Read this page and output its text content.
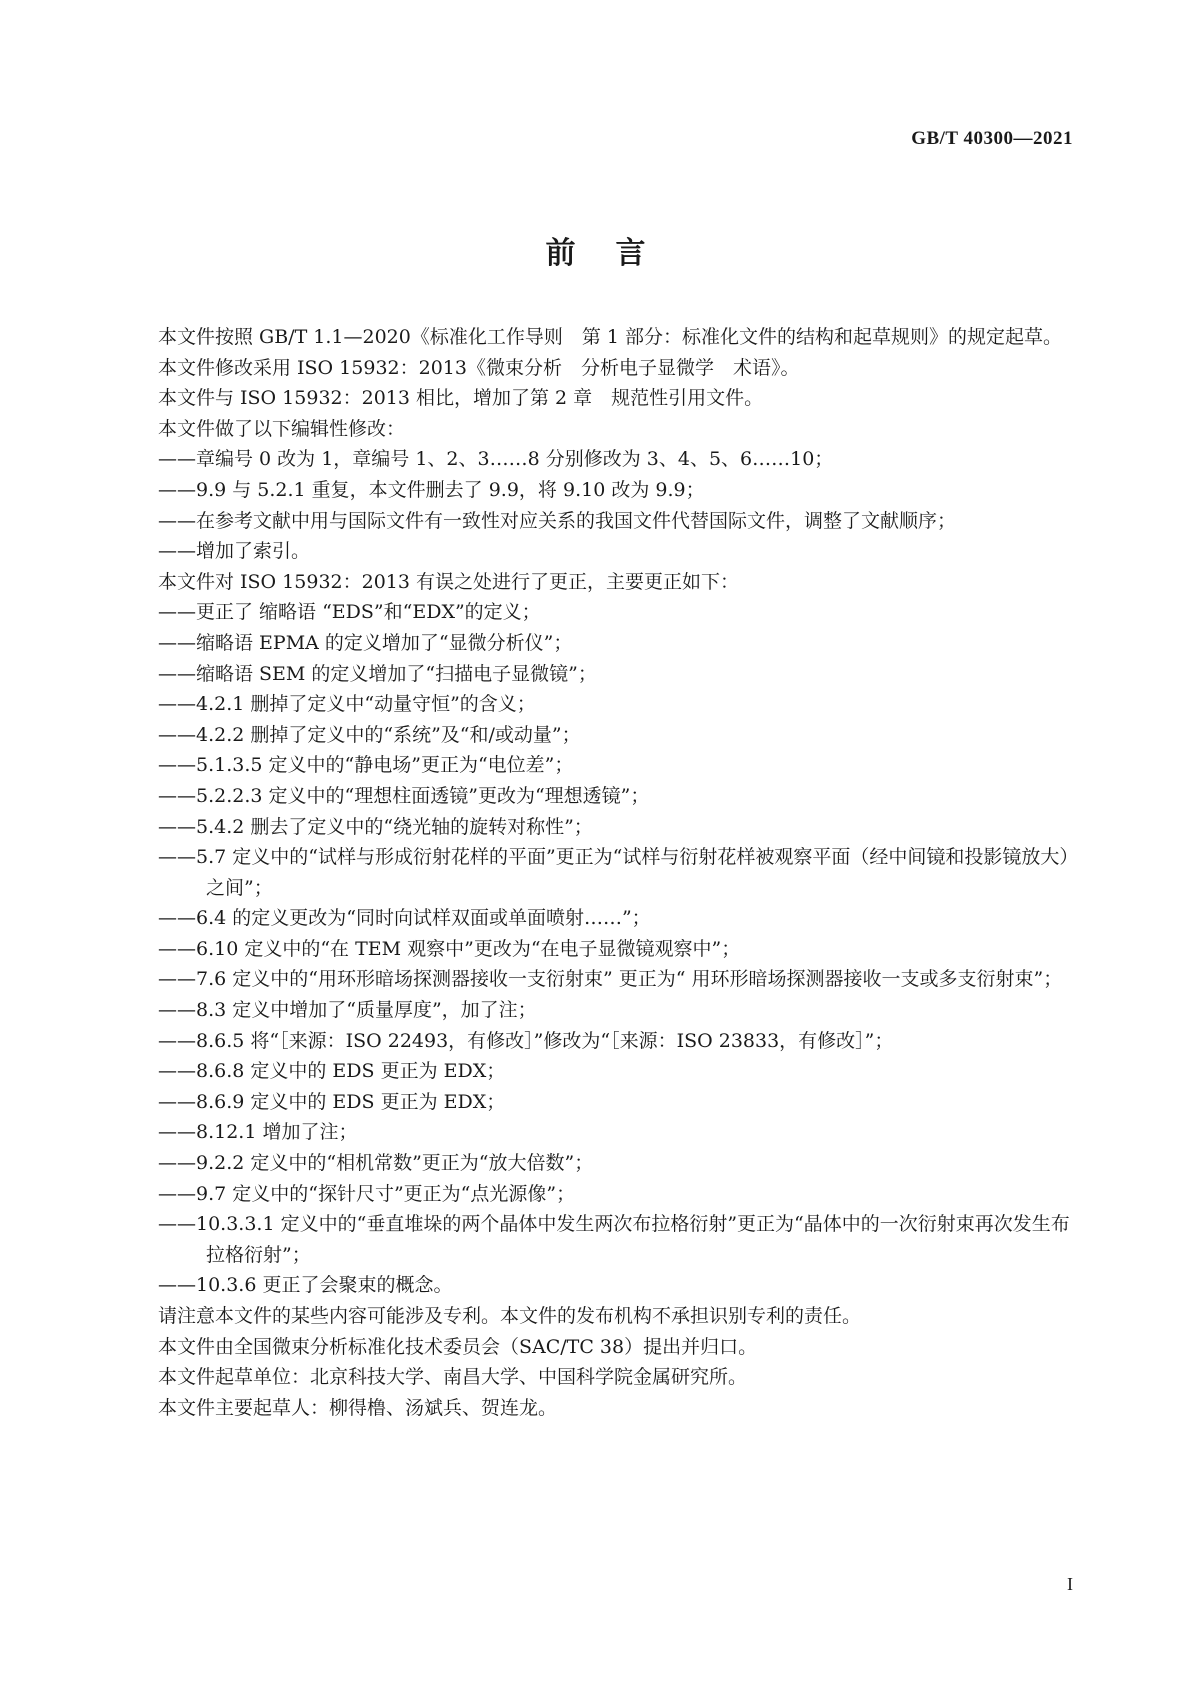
GB/T 40300—2021
前言

本文件按照 GB/T 1.1—2020《标准化工作导则　第 1 部分：标准化文件的结构和起草规则》的规定起草。

本文件修改采用 ISO 15932：2013《微束分析　分析电子显微学　术语》。

本文件与 ISO 15932：2013 相比，增加了第 2 章　规范性引用文件。

本文件做了以下编辑性修改：

——章编号 0 改为 1，章编号 1、2、3……8 分别修改为 3、4、5、6……10；

——9.9 与 5.2.1 重复，本文件删去了 9.9，将 9.10 改为 9.9；

——在参考文献中用与国际文件有一致性对应关系的我国文件代替国际文件，调整了文献顺序；

——增加了索引。

本文件对 ISO 15932：2013 有误之处进行了更正，主要更正如下：

——更正了 缩略语 “EDS”和“EDX”的定义；

——缩略语 EPMA 的定义增加了“显微分析仪”；

——缩略语 SEM 的定义增加了“扫描电子显微镜”；

——4.2.1 删掉了定义中“动量守恒”的含义；

——4.2.2 删掉了定义中的“系统”及“和/或动量”；

——5.1.3.5 定义中的“静电场”更正为“电位差”；

——5.2.2.3 定义中的“理想柱面透镜”更改为“理想透镜”；

——5.4.2 删去了定义中的“绕光轴的旋转对称性”；

——5.7 定义中的“试样与形成衍射花样的平面”更正为“试样与衍射花样被观察平面（经中间镜和投影镜放大）之间”；

——6.4 的定义更改为“同时向试样双面或单面喷射……”；

——6.10 定义中的“在 TEM 观察中”更改为“在电子显微镜观察中”；

——7.6 定义中的“用环形暗场探测器接收一支衍射束” 更正为“ 用环形暗场探测器接收一支或多支衍射束”；

——8.3 定义中增加了“质量厚度”，加了注；

——8.6.5 将“［来源：ISO 22493，有修改］”修改为“［来源：ISO 23833，有修改］”；

——8.6.8 定义中的 EDS 更正为 EDX；

——8.6.9 定义中的 EDS 更正为 EDX；

——8.12.1 增加了注；

——9.2.2 定义中的“相机常数”更正为“放大倍数”；

——9.7 定义中的“探针尺寸”更正为“点光源像”；

——10.3.3.1 定义中的“垂直堆垛的两个晶体中发生两次布拉格衍射”更正为“晶体中的一次衍射束再次发生布拉格衍射”；

——10.3.6 更正了会聚束的概念。

请注意本文件的某些内容可能涉及专利。本文件的发布机构不承担识别专利的责任。

本文件由全国微束分析标准化技术委员会（SAC/TC 38）提出并归口。

本文件起草单位：北京科技大学、南昌大学、中国科学院金属研究所。

本文件主要起草人：柳得橹、汤斌兵、贺连龙。

I
